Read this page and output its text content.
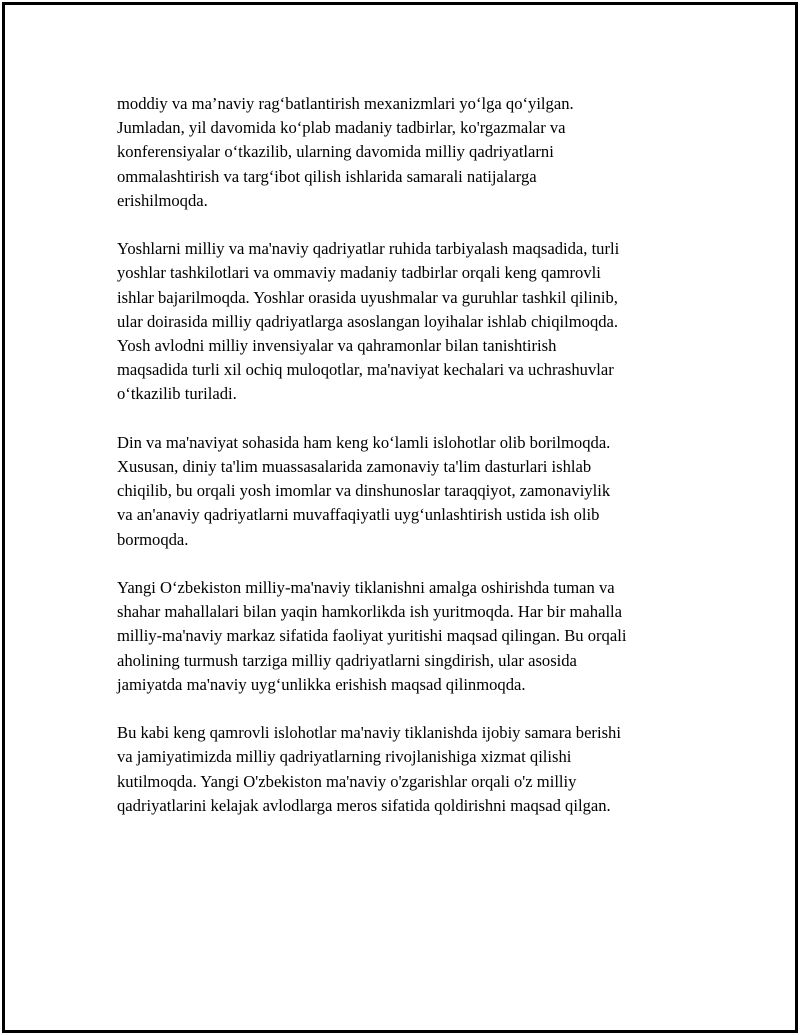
moddiy va ma’naviy rag‘batlantirish mexanizmlari yo‘lga qo‘yilgan.
Jumladan, yil davomida ko‘plab madaniy tadbirlar, ko'rgazmalar va
konferensiyalar o‘tkazilib, ularning davomida milliy qadriyatlarni
ommalashtirish va targ‘ibot qilish ishlarida samarali natijalarga
erishilmoqda.

Yoshlarni milliy va ma'naviy qadriyatlar ruhida tarbiyalash maqsadida, turli
yoshlar tashkilotlari va ommaviy madaniy tadbirlar orqali keng qamrovli
ishlar bajarilmoqda. Yoshlar orasida uyushmalar va guruhlar tashkil qilinib,
ular doirasida milliy qadriyatlarga asoslangan loyihalar ishlab chiqilmoqda.
Yosh avlodni milliy invensiyalar va qahramonlar bilan tanishtirish
maqsadida turli xil ochiq muloqotlar, ma'naviyat kechalari va uchrashuvlar
o‘tkazilib turiladi.

Din va ma'naviyat sohasida ham keng ko‘lamli islohotlar olib borilmoqda.
Xususan, diniy ta'lim muassasalarida zamonaviy ta'lim dasturlari ishlab
chiqilib, bu orqali yosh imomlar va dinshunoslar taraqqiyot, zamonaviylik
va an'anaviy qadriyatlarni muvaffaqiyatli uyg‘unlashtirish ustida ish olib
bormoqda.

Yangi O‘zbekiston milliy-ma'naviy tiklanishni amalga oshirishda tuman va
shahar mahallalari bilan yaqin hamkorlikda ish yuritmoqda. Har bir mahalla
milliy-ma'naviy markaz sifatida faoliyat yuritishi maqsad qilingan. Bu orqali
aholining turmush tarziga milliy qadriyatlarni singdirish, ular asosida
jamiyatda ma'naviy uyg‘unlikka erishish maqsad qilinmoqda.

Bu kabi keng qamrovli islohotlar ma'naviy tiklanishda ijobiy samara berishi
va jamiyatimizda milliy qadriyatlarning rivojlanishiga xizmat qilishi
kutilmoqda. Yangi O'zbekiston ma'naviy o'zgarishlar orqali o'z milliy
qadriyatlarini kelajak avlodlarga meros sifatida qoldirishni maqsad qilgan.
